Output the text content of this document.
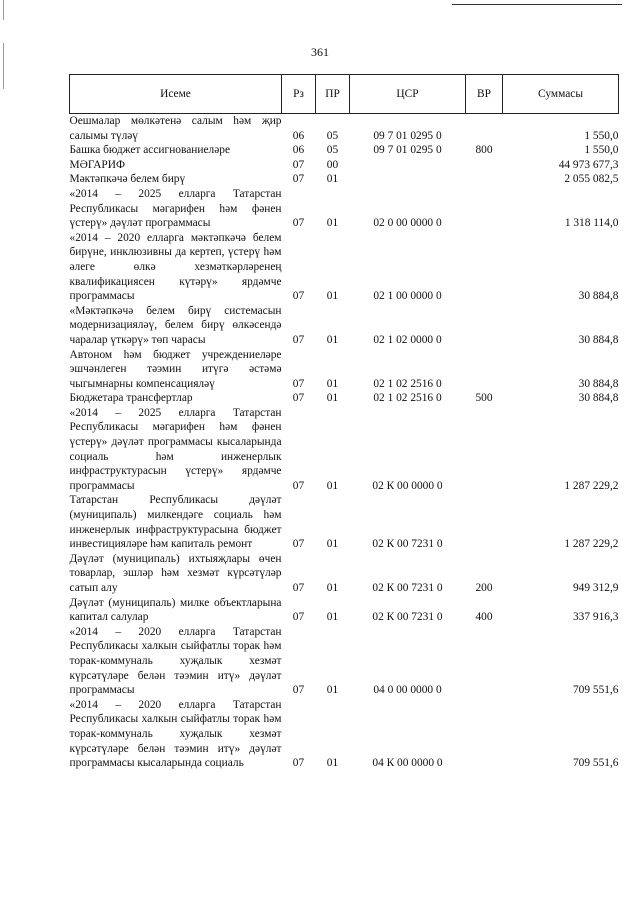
361
Исеме	Рз	ПР	ЦСР	ВР	Суммасы
Оешмалар мөлкәтенә салым һәм җир салымы түләү	06	05	09 7 01 0295 0		1 550,0
Башка бюджет ассигнованиеләре	06	05	09 7 01 0295 0	800	1 550,0
МӘГАРИФ	07	00			44 973 677,3
Мәктәпкәчә белем бирү	07	01			2 055 082,5
«2014 – 2025 елларга Татарстан Республикасы мәгарифен һәм фәнен үстерү» дәүләт программасы	07	01	02 0 00 0000 0		1 318 114,0
«2014 – 2020 елларга мәктәпкәчә белем бирүне, инклюзивны да кертеп, үстерү һәм әлеге өлкә хезмәткәрләренең квалификациясен күтәрү» ярдәмче программасы	07	01	02 1 00 0000 0		30 884,8
«Мәктәпкәчә белем бирү системасын модернизацияләү, белем бирү өлкәсендә чаралар үткәрү» төп чарасы	07	01	02 1 02 0000 0		30 884,8
Автоном һәм бюджет учреждениеләре эшчәнлеген тәэмин итүгә әстәмә чыгымнарны компенсацияләү	07	01	02 1 02 2516 0		30 884,8
Бюджетара трансфертлар	07	01	02 1 02 2516 0	500	30 884,8
«2014 – 2025 елларга Татарстан Республикасы мәгарифен һәм фәнен үстерү» дәүләт программасы кысаларында социаль һәм инженерлык инфраструктурасын үстерү» ярдәмче программасы	07	01	02 К 00 0000 0		1 287 229,2
Татарстан Республикасы дәүләт (муниципаль) милкендәге социаль һәм инженерлык инфраструктурасына бюджет инвестицияләре һәм капиталь ремонт	07	01	02 К 00 7231 0		1 287 229,2
Дәүләт (муниципаль) ихтыяҗлары өчен товарлар, эшләр һәм хезмәт күрсәтүләр сатып алу	07	01	02 К 00 7231 0	200	949 312,9
Дәүләт (муниципаль) милке объектларына капитал салулар	07	01	02 К 00 7231 0	400	337 916,3
«2014 – 2020 елларга Татарстан Республикасы халкын сыйфатлы торак һәм торак-коммуналь хуҗалык хезмәт күрсәтүләре белән тәэмин итү» дәүләт программасы	07	01	04 0 00 0000 0		709 551,6
«2014 – 2020 елларга Татарстан Республикасы халкын сыйфатлы торак һәм торак-коммуналь хуҗалык хезмәт күрсәтүләре белән тәэмин итү» дәүләт программасы кысаларында социаль	07	01	04 К 00 0000 0		709 551,6
